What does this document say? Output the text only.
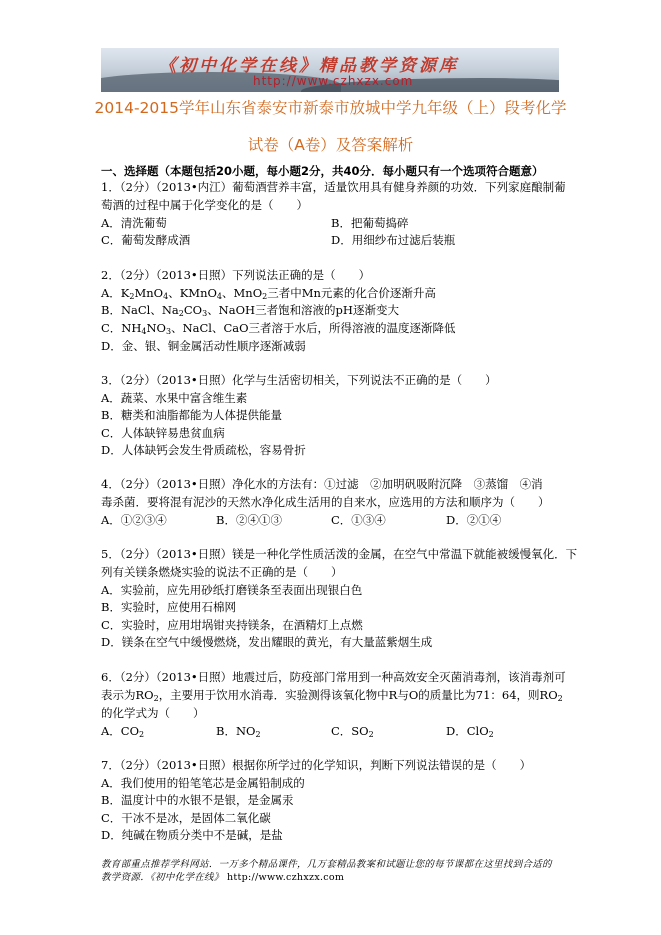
《初中化学在线》精品教学资源库
http://www.czhxzx.com
2014-2015学年山东省泰安市新泰市放城中学九年级（上）段考化学
试卷（A卷）及答案解析
一、选择题（本题包括20小题，每小题2分，共40分．每小题只有一个选项符合题意）
1．（2分）（2013•内江）葡萄酒营养丰富，适量饮用具有健身养颜的功效．下列家庭酿制葡
萄酒的过程中属于化学变化的是（　　）
A．清洗葡萄	B．把葡萄捣碎
C．葡萄发酵成酒	D．用细纱布过滤后装瓶
2．（2分）（2013•日照）下列说法正确的是（　　）
A．$K_2MnO_4$、KMnO$_4$、MnO$_2$三者中Mn元素的化合价逐渐升高
B．NaCl、$Na_2CO_3$、NaOH三者饱和溶液的pH逐渐变大
C．$NH_4NO_3$、NaCl、CaO三者溶于水后，所得溶液的温度逐渐降低
D．金、银、铜金属活动性顺序逐渐减弱
3．（2分）（2013•日照）化学与生活密切相关，下列说法不正确的是（　　）
A．蔬菜、水果中富含维生素
B．糖类和油脂都能为人体提供能量
C．人体缺锌易患贫血病
D．人体缺钙会发生骨质疏松，容易骨折
4．（2分）（2013•日照）净化水的方法有：①过滤　②加明矾吸附沉降　③蒸馏　④消
毒杀菌．要将混有泥沙的天然水净化成生活用的自来水，应选用的方法和顺序为（　　）
A．①②③④	B．②④①③	C．①③④	D．②①④
5．（2分）（2013•日照）镁是一种化学性质活泼的金属，在空气中常温下就能被缓慢氧化．下
列有关镁条燃烧实验的说法不正确的是（　　）
A．实验前，应先用砂纸打磨镁条至表面出现银白色
B．实验时，应使用石棉网
C．实验时，应用坩埚钳夹持镁条，在酒精灯上点燃
D．镁条在空气中缓慢燃烧，发出耀眼的黄光，有大量蓝紫烟生成
6．（2分）（2013•日照）地震过后，防疫部门常用到一种高效安全灭菌消毒剂，该消毒剂可
表示为$RO_2$，主要用于饮用水消毒．实验测得该氧化物中R与O的质量比为71：64，则$RO_2$
的化学式为（　　）
A．$CO_2$	B．$NO_2$	C．$SO_2$	D．ClO$_2$
7．（2分）（2013•日照）根据你所学过的化学知识，判断下列说法错误的是（　　）
A．我们使用的铅笔笔芯是金属铅制成的
B．温度计中的水银不是银，是金属汞
C．干冰不是冰，是固体二氧化碳
D．纯碱在物质分类中不是碱，是盐
教育部重点推荐学科网站．一万多个精品课件，几万套精品教案和试题让您的每节课都在这里找到合适的
教学资源．《初中化学在线》 http://www.czhxzx.com
